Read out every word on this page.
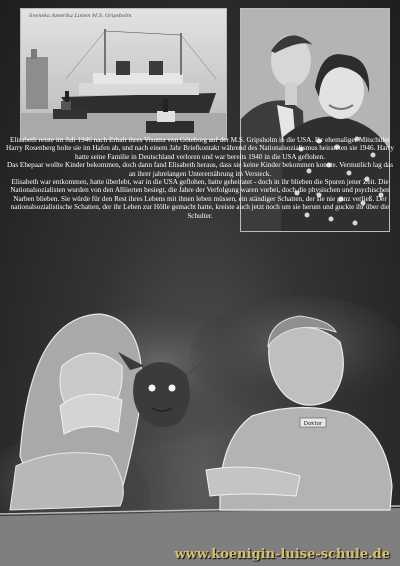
Svenska Amerika Linien M.S. Gripsholm

Elisabeth reiste im Juli 1946 nach Erhalt ihres Visums von Göteborg auf der M.S. Gripsholm in die USA. Ihr ehemaliger Mitschüler Harry Rosenberg holte sie im Hafen ab, und nach einem Jahr Briefkontakt während des Nationalsozialismus heirateten sie 1946. Harry hatte seine Familie in Deutschland verloren und war bereits 1940 in die USA geflohen.

Das Ehepaar wollte Kinder bekommen, doch dann fand Elisabeth heraus, dass sie keine Kinder bekommen konnte. Vermutlich lag das an ihrer jahrelangen Unterernährung im Versteck.

Elisabeth war entkommen, hatte überlebt, war in die USA geflohen, hatte geheiratet - doch in ihr blieben die Spuren jener Zeit. Die Nationalsozialisten wurden von den Alliierten besiegt, die Jahre der Verfolgung waren vorbei, doch die physischen und psychischen Narben blieben. Sie würde für den Rest ihres Lebens mit ihnen leben müssen, ein ständiger Schatten, der sie nie ganz verließ. Der nationalsozialistische Schatten, der ihr Leben zur Hölle gemacht hatte, kreiste auch jetzt noch um sie herum und guckte ihr über die Schulter.

Doktor
www.koenigin-luise-schule.de
